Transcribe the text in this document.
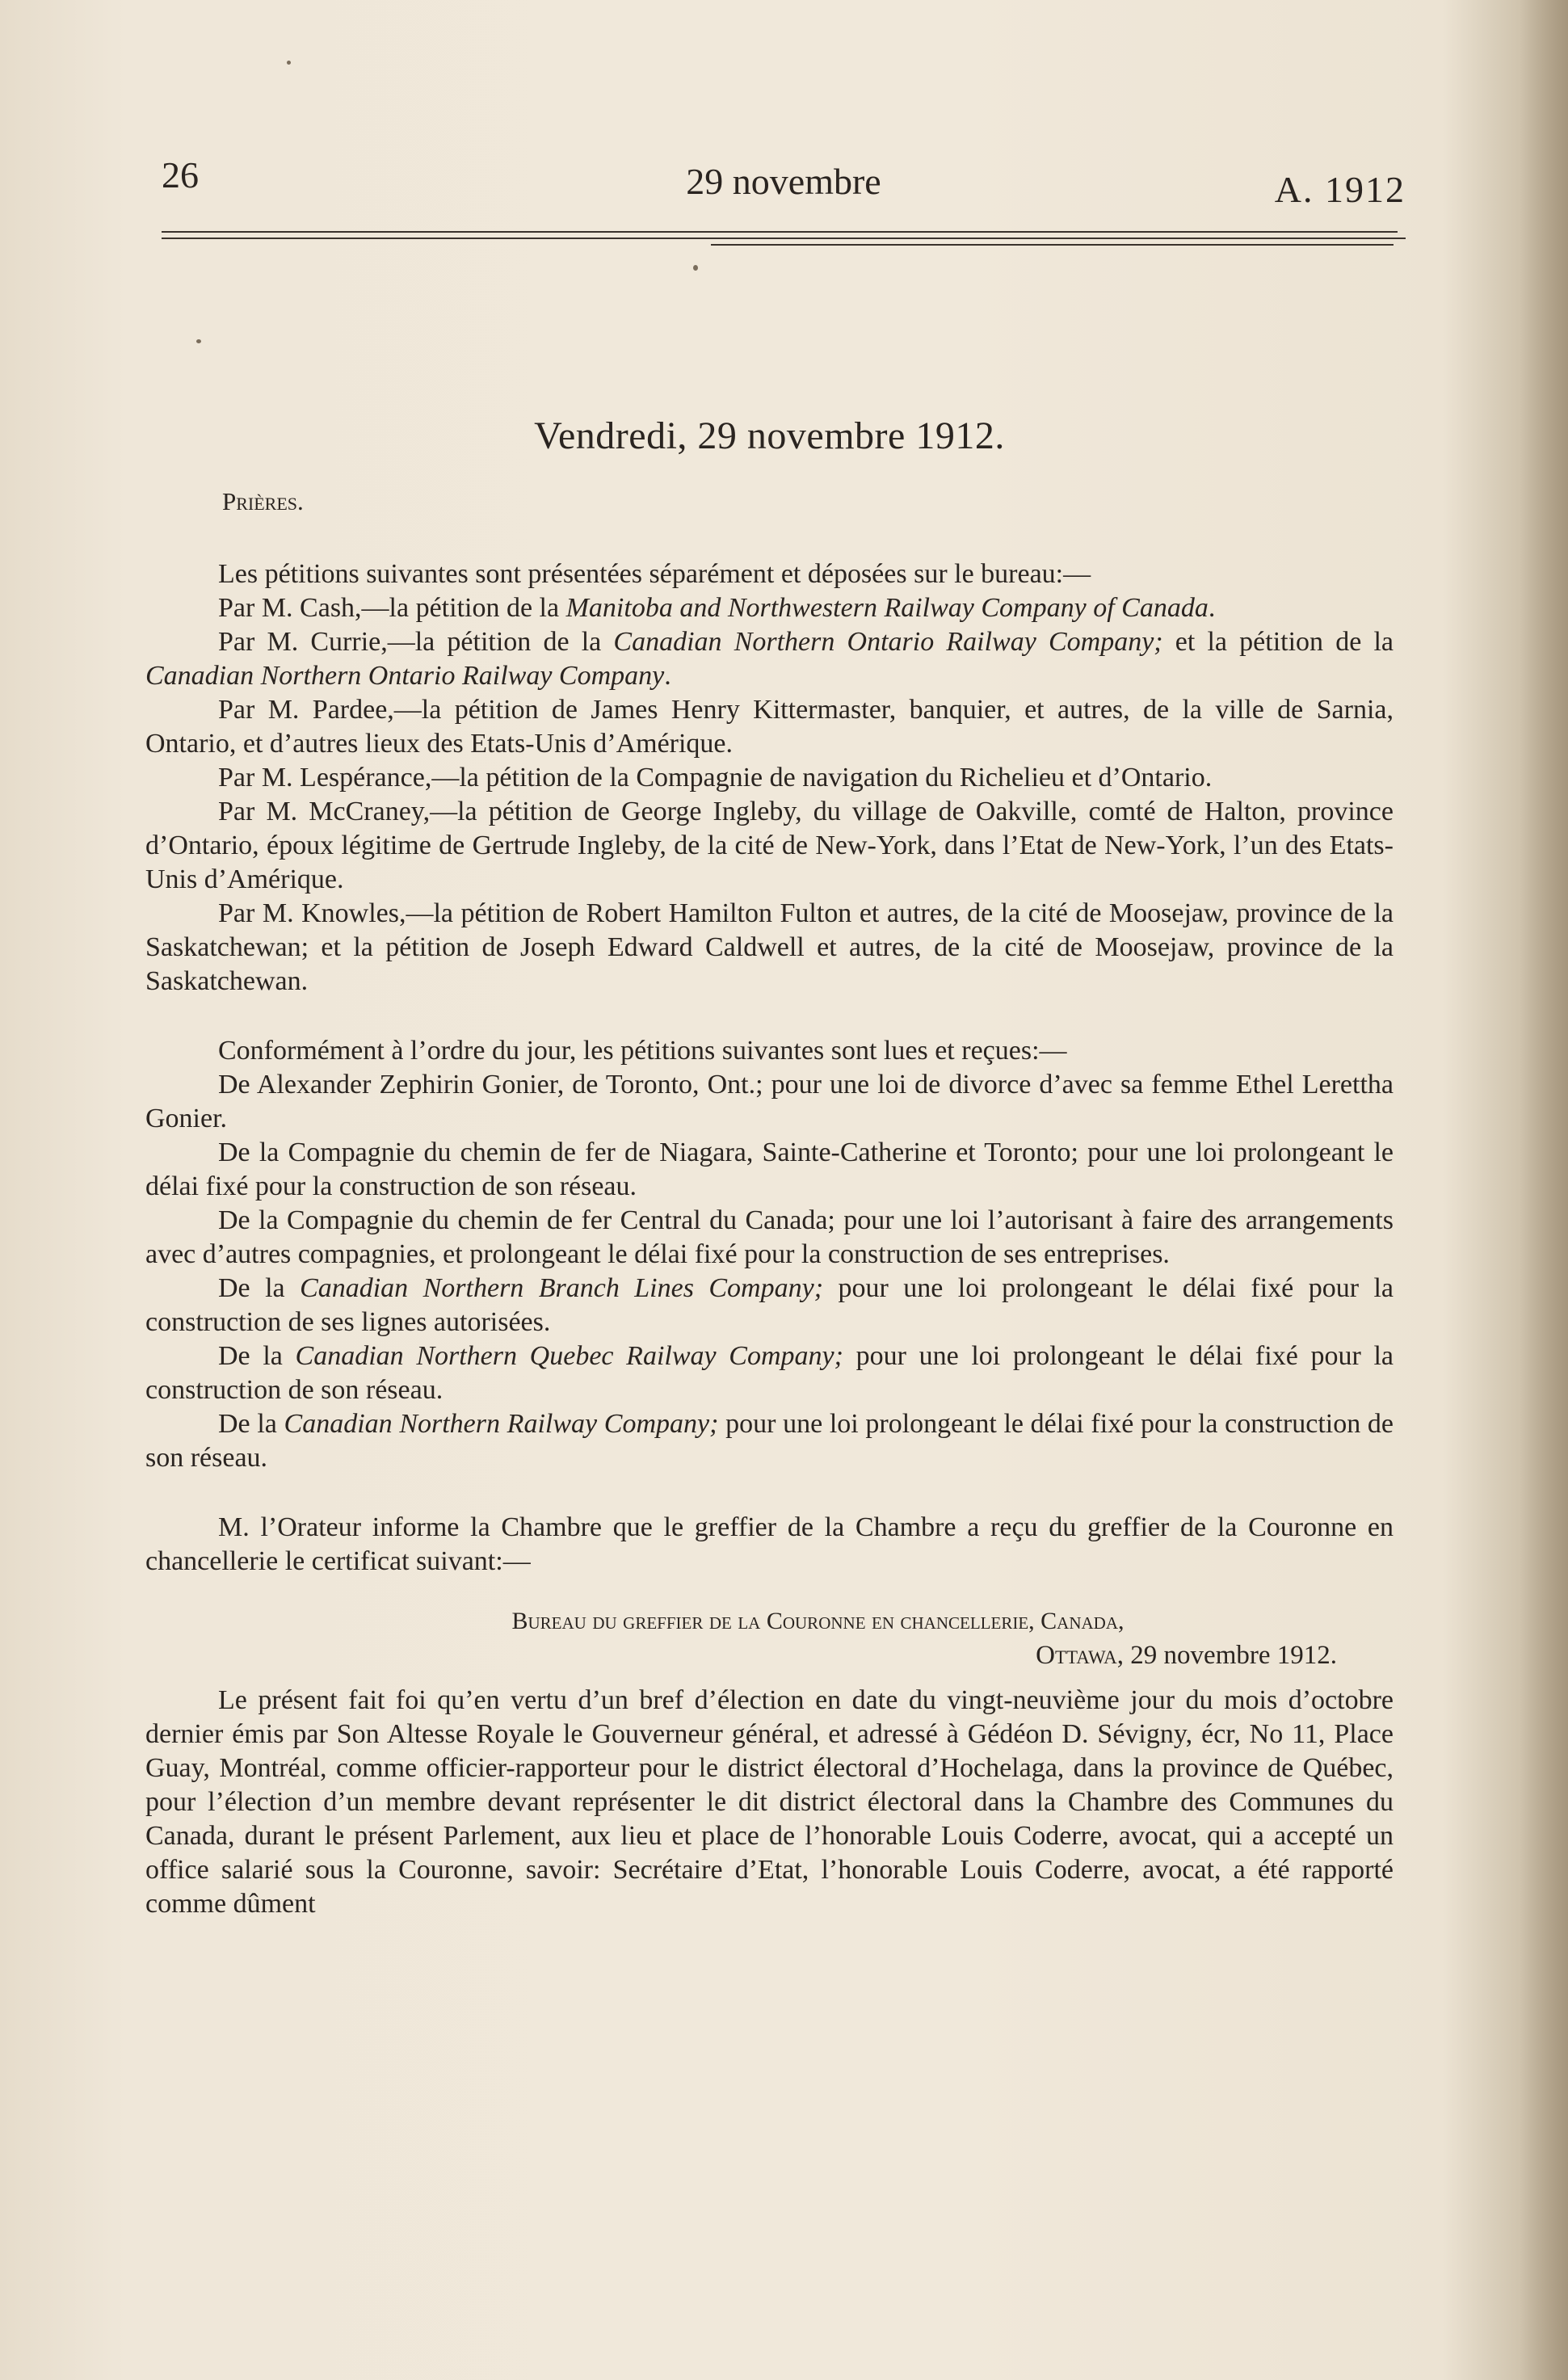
26	29 novembre	A. 1912
Vendredi, 29 novembre 1912.
Prières.

Les pétitions suivantes sont présentées séparément et déposées sur le bureau:—

Par M. Cash,—la pétition de la Manitoba and Northwestern Railway Company of Canada.

Par M. Currie,—la pétition de la Canadian Northern Ontario Railway Company; et la pétition de la Canadian Northern Ontario Railway Company.

Par M. Pardee,—la pétition de James Henry Kittermaster, banquier, et autres, de la ville de Sarnia, Ontario, et d’autres lieux des Etats-Unis d’Amérique.

Par M. Lespérance,—la pétition de la Compagnie de navigation du Richelieu et d’Ontario.

Par M. McCraney,—la pétition de George Ingleby, du village de Oakville, comté de Halton, province d’Ontario, époux légitime de Gertrude Ingleby, de la cité de New-York, dans l’Etat de New-York, l’un des Etats-Unis d’Amérique.

Par M. Knowles,—la pétition de Robert Hamilton Fulton et autres, de la cité de Moosejaw, province de la Saskatchewan; et la pétition de Joseph Edward Caldwell et autres, de la cité de Moosejaw, province de la Saskatchewan.

Conformément à l’ordre du jour, les pétitions suivantes sont lues et reçues:—

De Alexander Zephirin Gonier, de Toronto, Ont.; pour une loi de divorce d’avec sa femme Ethel Lerettha Gonier.

De la Compagnie du chemin de fer de Niagara, Sainte-Catherine et Toronto; pour une loi prolongeant le délai fixé pour la construction de son réseau.

De la Compagnie du chemin de fer Central du Canada; pour une loi l’autorisant à faire des arrangements avec d’autres compagnies, et prolongeant le délai fixé pour la construction de ses entreprises.

De la Canadian Northern Branch Lines Company; pour une loi prolongeant le délai fixé pour la construction de ses lignes autorisées.

De la Canadian Northern Quebec Railway Company; pour une loi prolongeant le délai fixé pour la construction de son réseau.

De la Canadian Northern Railway Company; pour une loi prolongeant le délai fixé pour la construction de son réseau.

M. l’Orateur informe la Chambre que le greffier de la Chambre a reçu du greffier de la Couronne en chancellerie le certificat suivant:—

Bureau du greffier de la Couronne en chancellerie, Canada,
Ottawa, 29 novembre 1912.

Le présent fait foi qu’en vertu d’un bref d’élection en date du vingt-neuvième jour du mois d’octobre dernier émis par Son Altesse Royale le Gouverneur général, et adressé à Gédéon D. Sévigny, écr, No 11, Place Guay, Montréal, comme officier-rapporteur pour le district électoral d’Hochelaga, dans la province de Québec, pour l’élection d’un membre devant représenter le dit district électoral dans la Chambre des Communes du Canada, durant le présent Parlement, aux lieu et place de l’honorable Louis Coderre, avocat, qui a accepté un office salarié sous la Couronne, savoir: Secrétaire d’Etat, l’honorable Louis Coderre, avocat, a été rapporté comme dûment
